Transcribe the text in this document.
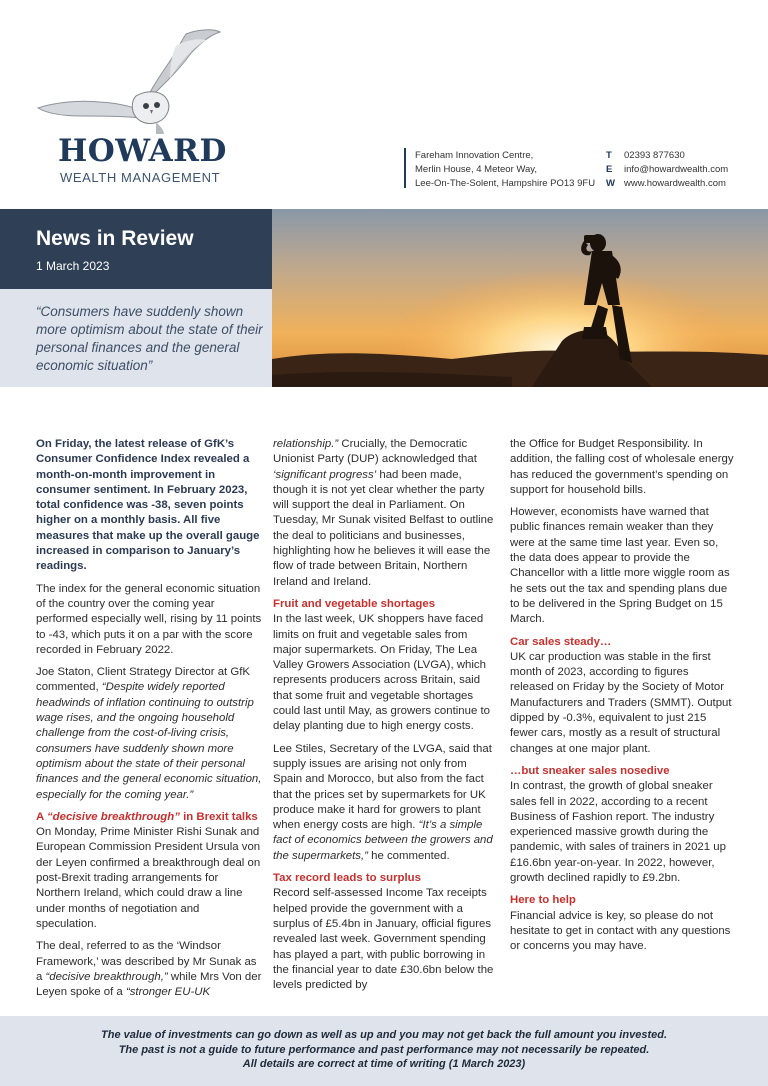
HOWARD
WEALTH MANAGEMENT
Fareham Innovation Centre,
Merlin House, 4 Meteor Way,
Lee-On-The-Solent, Hampshire PO13 9FU
T 02393 877630
E info@howardwealth.com
W www.howardwealth.com
News in Review
1 March 2023
“Consumers have suddenly shown more optimism about the state of their personal finances and the general economic situation”

On Friday, the latest release of GfK’s Consumer Confidence Index revealed a month-on-month improvement in consumer sentiment. In February 2023, total confidence was -38, seven points higher on a monthly basis. All five measures that make up the overall gauge increased in comparison to January’s readings.

The index for the general economic situation of the country over the coming year performed especially well, rising by 11 points to -43, which puts it on a par with the score recorded in February 2022.

Joe Staton, Client Strategy Director at GfK commented, “Despite widely reported headwinds of inflation continuing to outstrip wage rises, and the ongoing household challenge from the cost-of-living crisis, consumers have suddenly shown more optimism about the state of their personal finances and the general economic situation, especially for the coming year.”

A “decisive breakthrough” in Brexit talks

On Monday, Prime Minister Rishi Sunak and European Commission President Ursula von der Leyen confirmed a breakthrough deal on post-Brexit trading arrangements for Northern Ireland, which could draw a line under months of negotiation and speculation.

The deal, referred to as the ‘Windsor Framework,’ was described by Mr Sunak as a “decisive breakthrough,” while Mrs Von der Leyen spoke of a “stronger EU-UK

relationship.” Crucially, the Democratic Unionist Party (DUP) acknowledged that ‘significant progress’ had been made, though it is not yet clear whether the party will support the deal in Parliament. On Tuesday, Mr Sunak visited Belfast to outline the deal to politicians and businesses, highlighting how he believes it will ease the flow of trade between Britain, Northern Ireland and Ireland.

Fruit and vegetable shortages

In the last week, UK shoppers have faced limits on fruit and vegetable sales from major supermarkets. On Friday, The Lea Valley Growers Association (LVGA), which represents producers across Britain, said that some fruit and vegetable shortages could last until May, as growers continue to delay planting due to high energy costs.

Lee Stiles, Secretary of the LVGA, said that supply issues are arising not only from Spain and Morocco, but also from the fact that the prices set by supermarkets for UK produce make it hard for growers to plant when energy costs are high. “It’s a simple fact of economics between the growers and the supermarkets,” he commented.

Tax record leads to surplus

Record self-assessed Income Tax receipts helped provide the government with a surplus of £5.4bn in January, official figures revealed last week. Government spending has played a part, with public borrowing in the financial year to date £30.6bn below the levels predicted by

the Office for Budget Responsibility. In addition, the falling cost of wholesale energy has reduced the government’s spending on support for household bills.

However, economists have warned that public finances remain weaker than they were at the same time last year. Even so, the data does appear to provide the Chancellor with a little more wiggle room as he sets out the tax and spending plans due to be delivered in the Spring Budget on 15 March.

Car sales steady…

UK car production was stable in the first month of 2023, according to figures released on Friday by the Society of Motor Manufacturers and Traders (SMMT). Output dipped by -0.3%, equivalent to just 215 fewer cars, mostly as a result of structural changes at one major plant.

…but sneaker sales nosedive

In contrast, the growth of global sneaker sales fell in 2022, according to a recent Business of Fashion report. The industry experienced massive growth during the pandemic, with sales of trainers in 2021 up £16.6bn year-on-year. In 2022, however, growth declined rapidly to £9.2bn.

Here to help

Financial advice is key, so please do not hesitate to get in contact with any questions or concerns you may have.

The value of investments can go down as well as up and you may not get back the full amount you invested.

The past is not a guide to future performance and past performance may not necessarily be repeated.

All details are correct at time of writing (1 March 2023)
